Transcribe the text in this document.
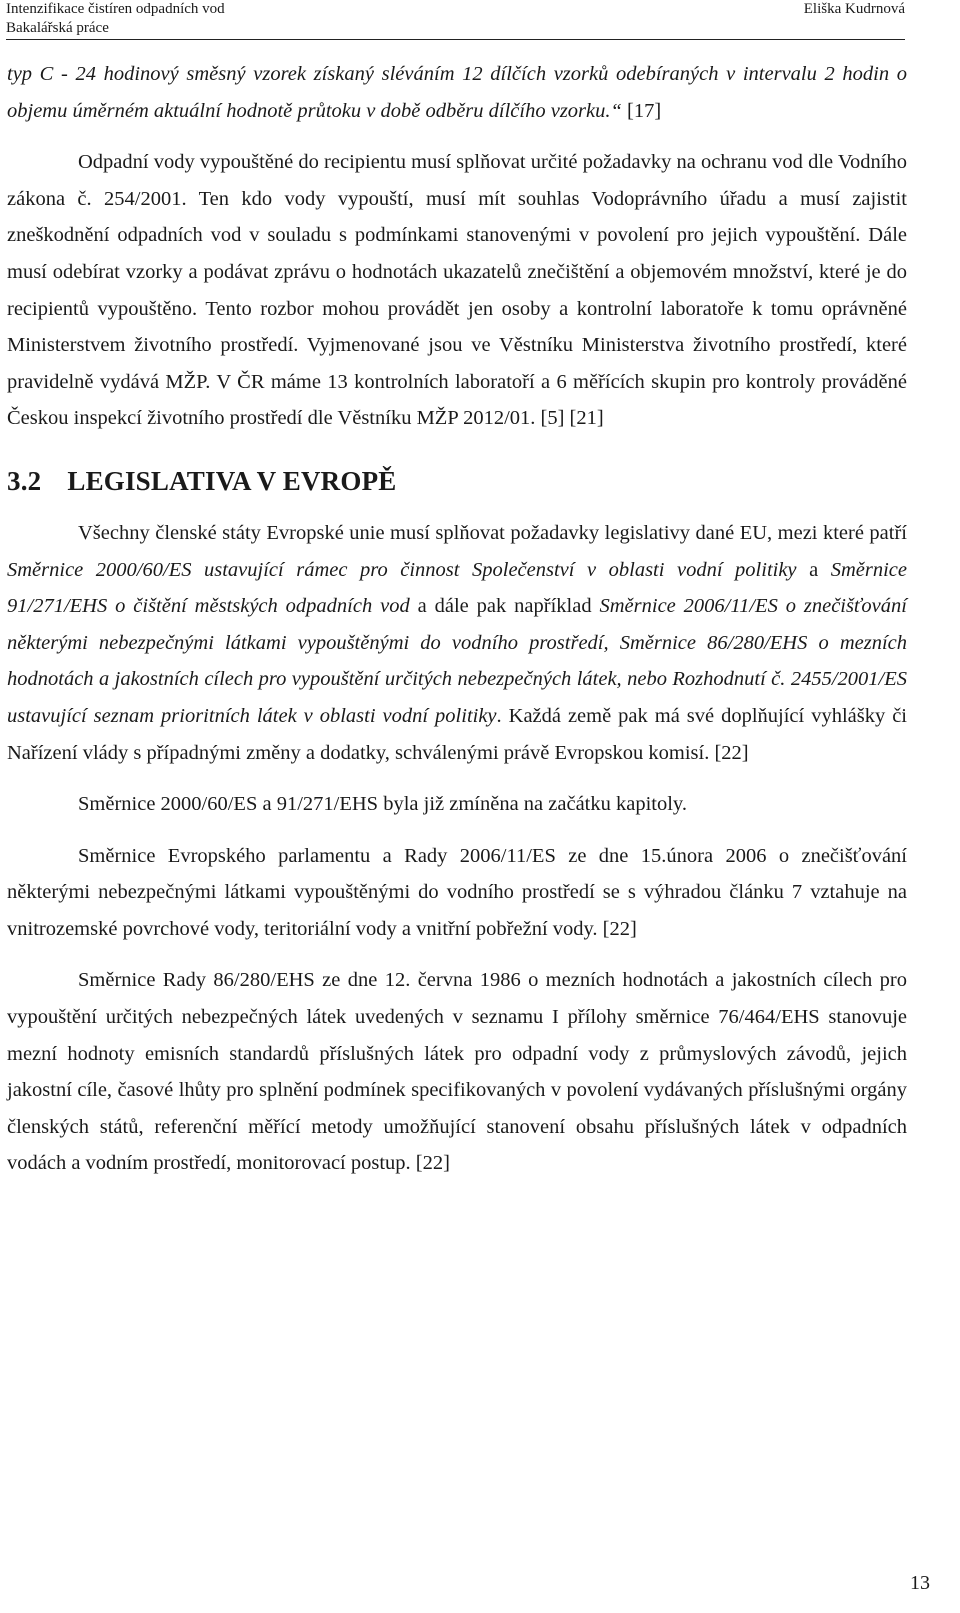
Intenzifikace čistíren odpadních vod
Bakalářská práce
Eliška Kudrnová

typ C - 24 hodinový směsný vzorek získaný sléváním 12 dílčích vzorků odebíraných v intervalu 2 hodin o objemu úměrném aktuální hodnotě průtoku v době odběru dílčího vzorku.“ [17]

Odpadní vody vypouštěné do recipientu musí splňovat určité požadavky na ochranu vod dle Vodního zákona č. 254/2001. Ten kdo vody vypouští, musí mít souhlas Vodoprávního úřadu a musí zajistit zneškodnění odpadních vod v souladu s podmínkami stanovenými v povolení pro jejich vypouštění. Dále musí odebírat vzorky a podávat zprávu o hodnotách ukazatelů znečištění a objemovém množství, které je do recipientů vypouštěno. Tento rozbor mohou provádět jen osoby a kontrolní laboratoře k tomu oprávněné Ministerstvem životního prostředí. Vyjmenované jsou ve Věstníku Ministerstva životního prostředí, které pravidelně vydává MŽP. V ČR máme 13 kontrolních laboratoří a 6 měřících skupin pro kontroly prováděné Českou inspekcí životního prostředí dle Věstníku MŽP 2012/01. [5] [21]

3.2 LEGISLATIVA V EVROPĚ

Všechny členské státy Evropské unie musí splňovat požadavky legislativy dané EU, mezi které patří Směrnice 2000/60/ES ustavující rámec pro činnost Společenství v oblasti vodní politiky a Směrnice 91/271/EHS o čištění městských odpadních vod a dále pak například Směrnice 2006/11/ES o znečišťování některými nebezpečnými látkami vypouštěnými do vodního prostředí, Směrnice 86/280/EHS o mezních hodnotách a jakostních cílech pro vypouštění určitých nebezpečných látek, nebo Rozhodnutí č. 2455/2001/ES ustavující seznam prioritních látek v oblasti vodní politiky. Každá země pak má své doplňující vyhlášky či Nařízení vlády s případnými změny a dodatky, schválenými právě Evropskou komisí. [22]

Směrnice 2000/60/ES a 91/271/EHS byla již zmíněna na začátku kapitoly.

Směrnice Evropského parlamentu a Rady 2006/11/ES ze dne 15.února 2006 o znečišťování některými nebezpečnými látkami vypouštěnými do vodního prostředí se s výhradou článku 7 vztahuje na vnitrozemské povrchové vody, teritoriální vody a vnitřní pobřežní vody. [22]

Směrnice Rady 86/280/EHS ze dne 12. června 1986 o mezních hodnotách a jakostních cílech pro vypouštění určitých nebezpečných látek uvedených v seznamu I přílohy směrnice 76/464/EHS stanovuje mezní hodnoty emisních standardů příslušných látek pro odpadní vody z průmyslových závodů, jejich jakostní cíle, časové lhůty pro splnění podmínek specifikovaných v povolení vydávaných příslušnými orgány členských států, referenční měřící metody umožňující stanovení obsahu příslušných látek v odpadních vodách a vodním prostředí, monitorovací postup. [22]

13
